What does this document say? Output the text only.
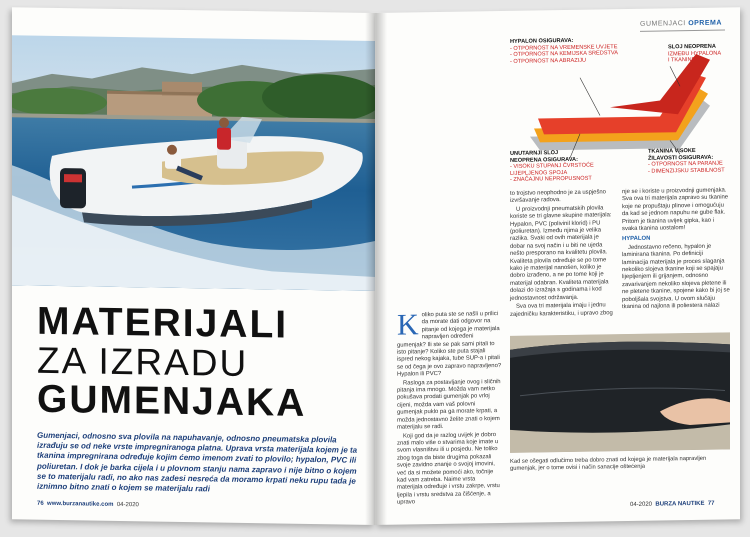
MATERIJALI
ZA IZRADU
GUMENJAKA

Gumenjaci, odnosno sva plovila na napuhavanje, odnosno pneumatska plovila izrađuju se od neke vrste impregniranoga platna. Uprava vrsta materijala kojem je ta tkanina impregnirana određuje kojim ćemo imenom zvati to plovilo; hypalon, PVC ili poliuretan. I dok je barka cijela i u plovnom stanju nama zapravo i nije bitno o kojem se to materijalu radi, no ako nas zadesi nesreća da moramo krpati neku rupu tada je iznimno bitno znati o kojem se materijalu radi

76 www.burzanautike.com 04-2020
GUMENJACI OPREMA
HYPALON OSIGURAVA:
- OTPORNOST NA VREMENSKE UVJETE
- OTPORNOST NA KEMIJSKA SREDSTVA
- OTPORNOST NA ABRAZIJU
SLOJ NEOPRENA
IZMEĐU HYPALONA
I TKANINE
UNUTARNJI SLOJ
NEOPRENA OSIGURAVA:
- VISOKU STUPANJ ČVRSTOĆE
LIJEPLJENOG SPOJA
- ZNAČAJNU NEPROPUSNOST
TKANINA VISOKE
ŽILAVOSTI OSIGURAVA:
- OTPORNOST NA PARANJE
- DIMENZIJSKU STABILNOST
K oliko puta ste se našli u prilici da morate dati odgovor na pitanje od kojega je materijala napravljen određeni gumenjak? Ili ste se pak sami pitali to isto pitanje? Koliko ste puta stajali ispred nekog kajaka, tube SUP-a i pitali se od čega je ovo zapravo napravljeno? Hypalon ili PVC?

Rasloga za postavljanje ovog i sličnih pitanja ima mnogo. Možda vam netko pokušava prodati gumenjak po vrloj cijeni, možda vam vaš polovni gumenjak puklo pa ga morate krpati, a možda jednostavno želite znati o kojem materijalu se radi.

Koji god da je razlog uvijek je dobro znati malo više o stvarima koje imate u svom vlasništvu ili u posjedu. Ne toliko zbog toga da biste drugima pokazali svoje zavidno znanje o svojoj imovini, već da si možete pomoći ako, točnije kad vam zatreba. Naime vrsta materijala određuje i vrstu zakrpe, vrstu ljepila i vrstu sredstva za čišćenje, a upravo

to trojstvo neophodno je za uspješno izvršavanje radova.

U proizvodnji pneumatskih plovila koriste se tri glavne skupine materijala: Hypalon, PVC (polivinil klorid) i PU (poliuretan). Između njima je velika razlika. Svaki od ovih materijala je dobar na svoj način i u biti ne ujeda nešto presporano na kvalitetu plovila. Kvaliteta plovila određuje se po tome kako je materijal nanošen, koliko je dobro izrađeno, a ne po tome koji je materijal odabran. Kvaliteta materijala dolazi do izražaja s godinama i kod jednostavnost održavanja.

Sva ova tri materijala imaju i jednu zajedničku karakteristiku, i upravo zbog

nje se i koriste u proizvodnji gumenjaka. Sva ova tri materijala zapravo su tkanine koje ne propuštaju plinove i omogućuju da kad se jednom napuhu ne gube flak. Pritom je tkanina uvijek gipka, kao i svaka tkanina uostalom!

HYPALON

Jednostavno rečeno, hypalon je laminirana tkanina. Po definiciji laminacija materijala je proces slaganja nekoliko slojeva tkanine koji se spajaju lijepljenjem ili grijanjem, odnosno zavarivanjem nekoliko slojeva pletene ili ne pletene tkanine, spojene kako bi joj se poboljšala svojstva. U ovom slučaju tkanina od najlona ili poliestera nalazi

Kad se ošegati odlučimo treba dobro znati od kojega je materijala napravljen gumenjak, jer o tome ovisi i način sanacije oštećenja

04-2020 BURZA NAUTIKE 77
